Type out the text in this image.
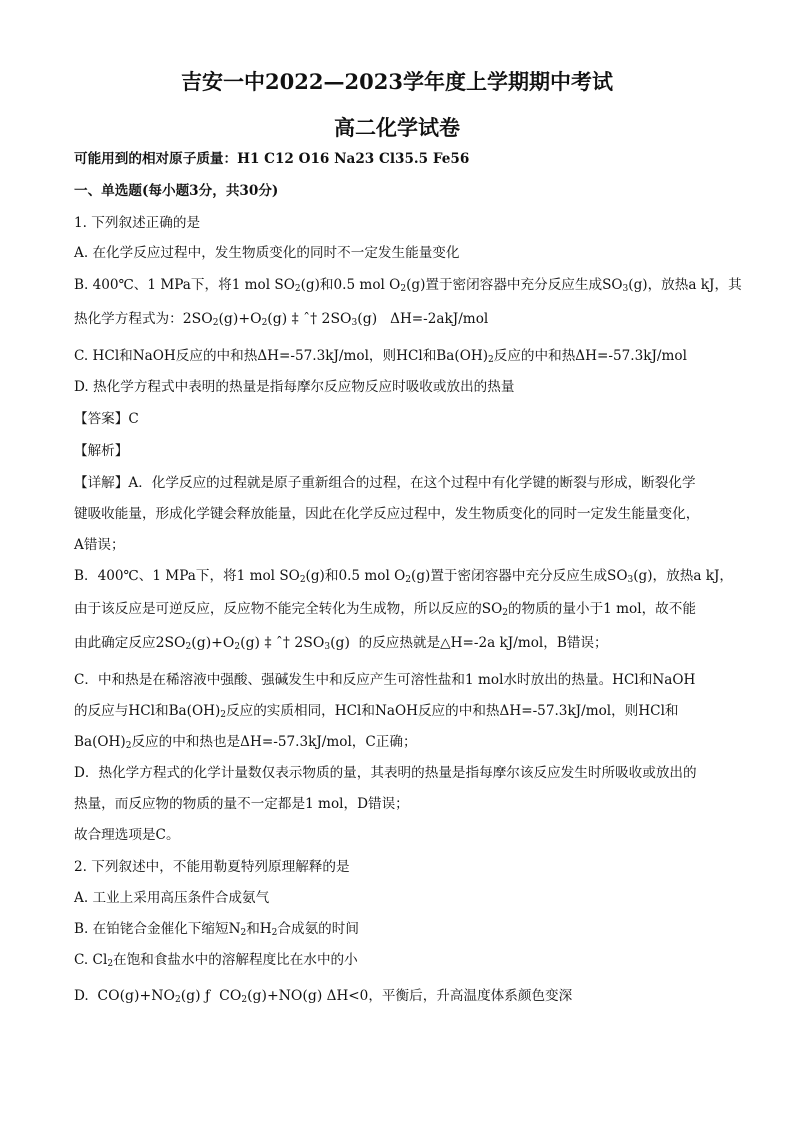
吉安一中2022—2023学年度上学期期中考试
高二化学试卷
可能用到的相对原子质量：H1 C12 O16 Na23 Cl35.5 Fe56
一、单选题(每小题3分，共30分)
1. 下列叙述正确的是
A. 在化学反应过程中，发生物质变化的同时不一定发生能量变化
B. 400℃、1 MPa下，将1 mol $SO_2(g)$和0.5 mol $O_2(g)$置于密闭容器中充分反应生成$SO_3(g)$，放热a kJ，其
热化学方程式为：$2SO_2(g)+O_2(g)$ ‡ ˆ† $2SO_3(g)$ ΔH=-2akJ/mol
C. HCl和NaOH反应的中和热ΔH=-57.3kJ/mol，则HCl和$Ba(OH)_2$反应的中和热ΔH=-57.3kJ/mol
D. 热化学方程式中表明的热量是指每摩尔反应物反应时吸收或放出的热量
【答案】C
【解析】
【详解】A．化学反应的过程就是原子重新组合的过程，在这个过程中有化学键的断裂与形成，断裂化学
键吸收能量，形成化学键会释放能量，因此在化学反应过程中，发生物质变化的同时一定发生能量变化，
A错误；
B．400℃、1 MPa下，将1 mol $SO_2(g)$和0.5 mol $O_2(g)$置于密闭容器中充分反应生成$SO_3(g)$，放热a kJ，
由于该反应是可逆反应，反应物不能完全转化为生成物，所以反应的$SO_2$的物质的量小于1 mol，故不能
由此确定反应$2SO_2(g)+O_2(g)$ ‡ ˆ† $2SO_3(g)$ 的反应热就是△H=-2a kJ/mol，B错误；
C．中和热是在稀溶液中强酸、强碱发生中和反应产生可溶性盐和1 mol水时放出的热量。HCl和NaOH
的反应与HCl和$Ba(OH)_2$反应的实质相同，HCl和NaOH反应的中和热ΔH=-57.3kJ/mol，则HCl和
$Ba(OH)_2$反应的中和热也是ΔH=-57.3kJ/mol，C正确；
D．热化学方程式的化学计量数仅表示物质的量，其表明的热量是指每摩尔该反应发生时所吸收或放出的
热量，而反应物的物质的量不一定都是1 mol，D错误；
故合理选项是C。
2. 下列叙述中，不能用勒夏特列原理解释的是
A. 工业上采用高压条件合成氨气
B. 在铂铑合金催化下缩短$N_2$和$H_2$合成氨的时间
C. $Cl_2$在饱和食盐水中的溶解程度比在水中的小
D. $CO(g)+NO_2(g)$ ƒ $CO_2(g)+NO(g)$ ΔH<0，平衡后，升高温度体系颜色变深
